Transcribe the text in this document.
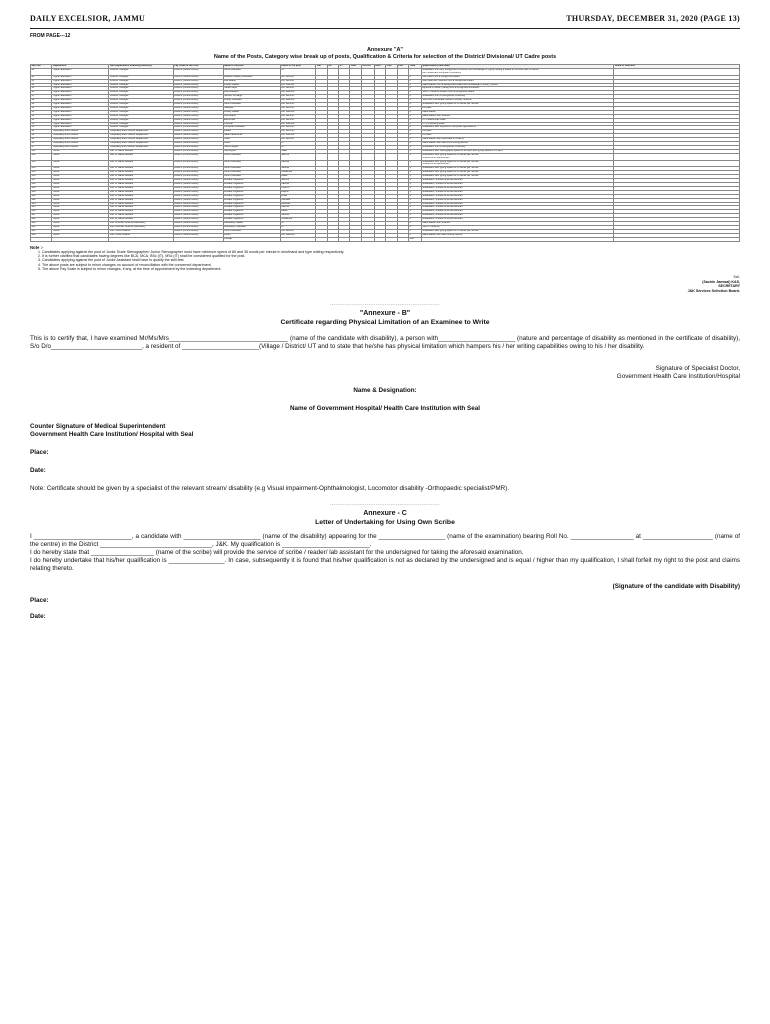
DAILY EXCELSIOR, JAMMU	THURSDAY, DECEMBER 31, 2020 (PAGE 13)
FROM PAGE---12
Annexure "A"
Name of the Posts, Category wise break up of posts, Qualification & Criteria for selection of the District/ Divisional/ UT Cadre posts
Item No.	Department	Sub Department/ Indenting Authority	Pay Scale of the Post	Name of the post	Cadre of the post	OM	SC	ST	RBA	ALC/IB	EWS	OSC	PHC	Total	Qualification prescribed	Mode of selection
21	Higher Education	Director Colleges	Level-2 (19900-63200)	Junior Assistant	UT									7	Graduation from any recognized University with knowledge of typing having a speed of not less than 35 words
per minute and computer proficiency	

22	Higher Education	Director Colleges	Level-2 (19900-63200)	Museum Gallery Attendant	Div. Jammu									2	10th pass from a recognized Board	

23	Higher Education	Director Colleges	Level-2 (19900-63200)	Lab Bearer	Div. Jammu									3	10th pass with Science from a recognized Board	

24	Higher Education	Director Colleges	Level-2 (19900-63200)	Library Bearer	Div. Kashmir									4	Matriculation from a recognized Board with knowledge of library routine	

25	Higher Education	Director Colleges	Level-4 (25500-81100)	Tabla Player	Div. Jammu									1	Diploma in Music (Tabla) from a recognized Institution	

26	Higher Education	Director Colleges	Level-4 (25500-81100)	Lab Assistant	Div. Kashmir									6	10+2 in Science stream from a recognized Board	

27	Higher Education	Director Colleges	Level-4 (25500-81100)	Section Incharge	Div. Jammu									2	Graduation from a recognized University	

28	Higher Education	Director Colleges	Level-4 (25500-81100)	Library Assistant	Div. Kashmir									3	10+2 with Certificate course in Library Science	

29	Higher Education	Director Colleges	Level-4 (25500-81100)	Junior Assistant	Div. Jammu									5	Graduation with typing speed of 35 words per minute	

31	Higher Education	Director Colleges	Level-1 (18000-56900)	Sweeper	Div. Jammu									4	8th pass	

32	Higher Education	Director Colleges	Level-1 (18000-56900)	Library Bearer	Div. Kashmir									2	Matriculation	

33	Higher Education	Director Colleges	Level-1 (18000-56900)	Lab Bearer	Div. Jammu									3	Matriculation with Science	

34	Higher Education	Director Colleges	Level-2 (19900-63200)	Electrician	Div. Jammu									1	ITI in Electrician trade	

35	Higher Education	Director Colleges	Level-2 (19900-63200)	Plumber	Div. Kashmir									1	ITI in Plumbing trade	

36	Higher Education	Director Colleges	Level-4 (25500-81100)	Computer Assistant	Div. Jammu									2	Graduation with Diploma in Computer Applications	

41	Hospitality and Protocol	Hospitality and Protocol Department	Level-1 (18000-56900)	Bearer	Div. Jammu									6	8th pass	

42	Hospitality and Protocol	Hospitality and Protocol Department	Level-1 (18000-56900)	Safai Karamchari	Div. Kashmir									5	8th pass	

43	Hospitality and Protocol	Hospitality and Protocol Department	Level-2 (19900-63200)	Cook	Div. Jammu									3	Matriculation with Certificate in cookery	

44	Hospitality and Protocol	Hospitality and Protocol Department	Level-2 (19900-63200)	Driver	UT									4	Matriculation with valid LMV driving licence	

47	Hospitality and Protocol	Hospitality and Protocol Department	Level-4 (25500-81100)	Store Keeper	UT									1	Graduation from a recognized University	

211	Home	Dte. of Sainik Welfare	Level-4 (25500-81100)	Stenotypist	State									1	Graduation with Stenography speed of 80 wpm and typing speed of 35 wpm	

212	Home	Dte. of Sainik Welfare	Level-4 (25500-81100)	Junior Assistant	Jammu									1	Graduation with typing speed of 35 words per minute
Should be ex-serviceman	

213	Home	Dte. of Sainik Welfare	Level-4 (25500-81100)	Junior Assistant	Kathua									1	Graduation with typing speed of 35 words per minute
Should be ex-serviceman	

214	Home	Dte. of Sainik Welfare	Level-4 (25500-81100)	Junior Assistant	Samba									1	Graduation with typing speed of 35 words per minute	

215	Home	Dte. of Sainik Welfare	Level-4 (25500-81100)	Junior Assistant	Udhampur									1	Graduation with typing speed of 35 words per minute	

216	Home	Dte. of Sainik Welfare	Level-4 (25500-81100)	Junior Assistant	Reasi									1	Graduation with typing speed of 35 words per minute	

217	Home	Dte. of Sainik Welfare	Level-1 (18000-56900)	Welfare Organizer	Jammu									1	Graduation; Should be ex-serviceman	

218	Home	Dte. of Sainik Welfare	Level-1 (18000-56900)	Welfare Organizer	Kathua									1	Graduation; Should be ex-serviceman	

219	Home	Dte. of Sainik Welfare	Level-1 (18000-56900)	Welfare Organizer	Poonch									1	Graduation; Should be ex-serviceman	

220	Home	Dte. of Sainik Welfare	Level-1 (18000-56900)	Welfare Organizer	Rajouri									1	Graduation; Should be ex-serviceman	

221	Home	Dte. of Sainik Welfare	Level-1 (18000-56900)	Welfare Organizer	Doda									1	Graduation; Should be ex-serviceman	

222	Home	Dte. of Sainik Welfare	Level-1 (18000-56900)	Welfare Organizer	Kishtwar									1	Graduation; Should be ex-serviceman	

224	Home	Dte. of Sainik Welfare	Level-1 (18000-56900)	Welfare Organizer	Ramban									1	Graduation; Should be ex-serviceman	

225	Home	Dte. of Sainik Welfare	Level-1 (18000-56900)	Welfare Organizer	Kathua									1	Graduation; Should be ex-serviceman	

226	Home	Dte. of Sainik Welfare	Level-1 (18000-56900)	Welfare Organizer	Reasi									1	Graduation; Should be ex-serviceman	

227	Home	Dte. of Sainik Welfare	Level-1 (18000-56900)	Welfare Organizer	Samba									1	Graduation; Should be ex-serviceman	

228	Home	Dte. of Sainik Welfare	Level-1 (18000-56900)	Welfare Organizer	Udhampur									1	Graduation; Should be ex-serviceman	

229	Home	Dte. Forensic Science Laboratory	Level-2 (19900-63200)	Laboratory Bearer	UT									2	Matriculation with Science	

230	Home	Dte. Forensic Science Laboratory	Level-4 (25500-81100)	Laboratory Assistant	UT									2	10+2 in Science	

231	Home	Dte. Home Guards	Level-4 (25500-81100)	Junior Assistant	Div. Jammu									3	Graduation with typing speed of 35 words per minute	

232	Home	Dte. Home Guards	Level-2 (19900-63200)	Driver	Div. Kashmir									2	Matriculation with valid driving licence	

				TOTAL										176		
Note :-
1. Candidates applying against the post of Junior Scale Stenographer/ Junior Stenographer must have minimum speed of 80 and 35 words per minute in shorthand and type writing respectively.
2. It is further clarified that candidates having degrees like BCA, MCA, BSc (IT), MSc (IT) shall be considered qualified for the post.
3. Candidates applying against the post of Junior Assistant shall have to qualify the skill test.
4. The above posts are subject to minor changes on account of reconciliation with the concerned department.
5. The above Pay Scale is subject to minor changes, if any, at the time of appointment by the Indenting department.
Sd/-
(Sachin Jamwal) KAS,
SECRETARY
J&K Services Selection Board.
------------------------------------------------------------
"Annexure - B"
Certificate regarding Physical Limitation of an Examinee to Write

This is to certify that, I have examined Mr/Ms/Mrs__________________________________ (name of the candidate with disability), a person with______________________ (nature and percentage of disability as mentioned in the certificate of disability), S/o D/o__________________________, a resident of ______________________(Village / District/ UT and to state that he/she has physical limitation which hampers his / her writing capabilities owing to his / her disability.

Signature of Specialist Doctor,
Government Health Care Institution/Hospital
Name & Designation:
Name of Government Hospital/ Health Care Institution with Seal
Counter Signature of Medical Superintendent
Government Health Care Institution/ Hospital with Seal
Place:
Date:

Note: Certificate should be given by a specialist of the relevant stream/ disability (e.g Visual impairment-Ophthalmologist, Locomotor disability -Orthopaedic specialist/PMR).

------------------------------------------------------------
Annexure - C
Letter of Undertaking for Using Own Scribe

I ____________________________, a candidate with ______________________ (name of the disability) appearing for the ___________________ (name of the examination) bearing Roll No. __________________ at ____________________ (name of the centre) in the District ________________________________, J&K. My qualification is _________________________.

I do hereby state that __________________ (name of the scribe) will provide the service of scribe / reader/ lab assistant for the undersigned for taking the aforesaid examination.

I do hereby undertake that his/her qualification is ________________. In case, subsequently it is found that his/her qualification is not as declared by the undersigned and is equal / higher than my qualification, I shall forfeit my right to the post and claims relating thereto.

(Signature of the candidate with Disability)
Place:
Date:
